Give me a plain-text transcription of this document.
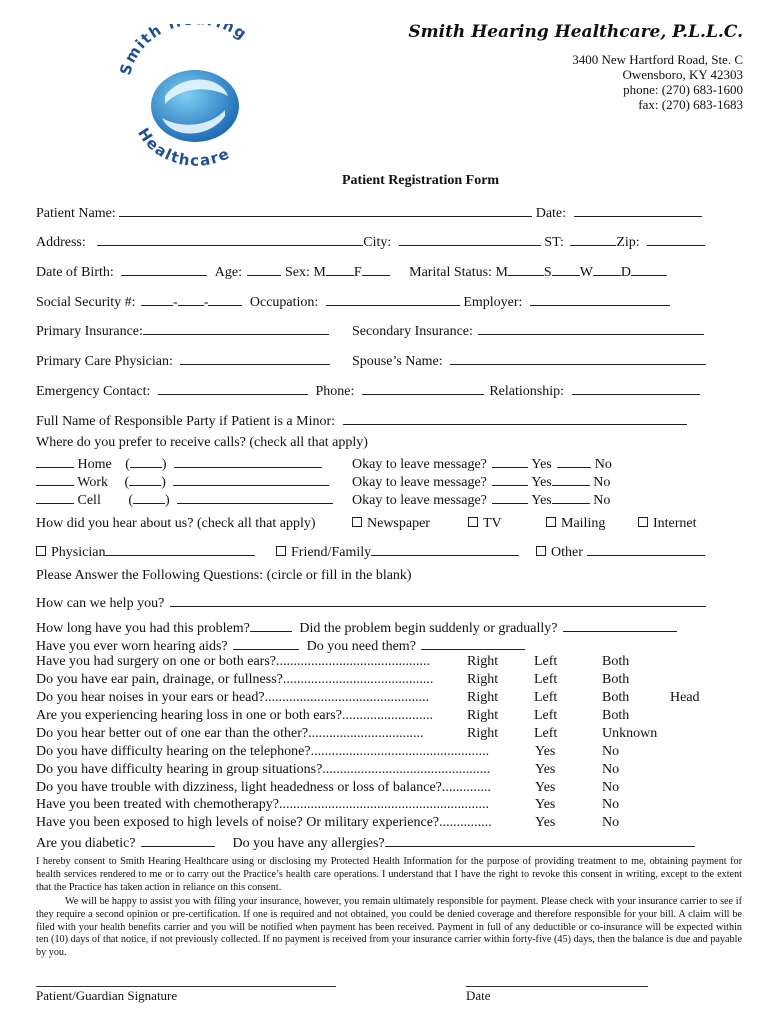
Smith ng
Healthcare
Smith Hearing Healthcare, P.L.L.C.
3400 New Hartford Road, Ste. C
Owensboro, KY 42303
phone: (270) 683-1600
fax: (270) 683-1683
Patient Registration Form
Patient Name:	Date:
Address:	City:	ST:	Zip:
Date of Birth:	Age:	Sex: M F	Marital Status: M	S W D
Social Security #:	- -	Occupation:	Employer:
Primary Insurance:	Secondary Insurance:
Primary Care Physician:	Spouse’s Name:
Emergency Contact:	Phone:	Relationship:
Full Name of Responsible Party if Patient is a Minor:
Where do you prefer to receive calls? (check all that apply)
Home ( )	Okay to leave message?	Yes	No
Work ( )	Okay to leave message?	Yes	No
Cell ( )	Okay to leave message?	Yes	No
How did you hear about us? (check all that apply)	Newspaper	TV	Mailing	Internet
Physician	Friend/Family	Other
Please Answer the Following Questions: (circle or fill in the blank)
How can we help you?
How long have you had this problem?	Did the problem begin suddenly or gradually?
Have you ever worn hearing aids?	Do you need them?
Have you had surgery on one or both ears?............................................	Right	Left	Both
Do you have ear pain, drainage, or fullness?........................................... Right	Left	Both
Do you hear noises in your ears or head?...............................................	Right	Left	Both	Head
Are you experiencing hearing loss in one or both ears?.......................... Right	Left	Both
Do you hear better out of one ear than the other?.................................	Right	Left	Unknown
Do you have difficulty hearing on the telephone?...................................................	Yes	No
Do you have difficulty hearing in group situations?................................................	Yes	No
Do you have trouble with dizziness, light headedness or loss of balance?..............	Yes	No
Have you been treated with chemotherapy?............................................................	Yes	No
Have you been exposed to high levels of noise? Or military experience?...............	Yes	No
Are you diabetic?	Do you have any allergies?
I hereby consent to Smith Hearing Healthcare using or disclosing my Protected Health Information for the purpose of providing treatment to me, obtaining payment for health services rendered to me or to carry out the Practice’s health care operations. I understand that I have the right to revoke this consent in writing, except to the extent that the Practice has taken action in reliance on this consent.
We will be happy to assist you with filing your insurance, however, you remain ultimately responsible for payment. Please check with your insurance carrier to see if they require a second opinion or pre-certification. If one is required and not obtained, you could be denied coverage and therefore responsible for your bill. A claim will be filed with your health benefits carrier and you will be notified when payment has been received. Payment in full of any deductible or co-insurance will be expected within ten (10) days of that notice, if not previously collected. If no payment is received from your insurance carrier within forty-five (45) days, then the balance is due and payable by you.
Patient/Guardian Signature	Date
